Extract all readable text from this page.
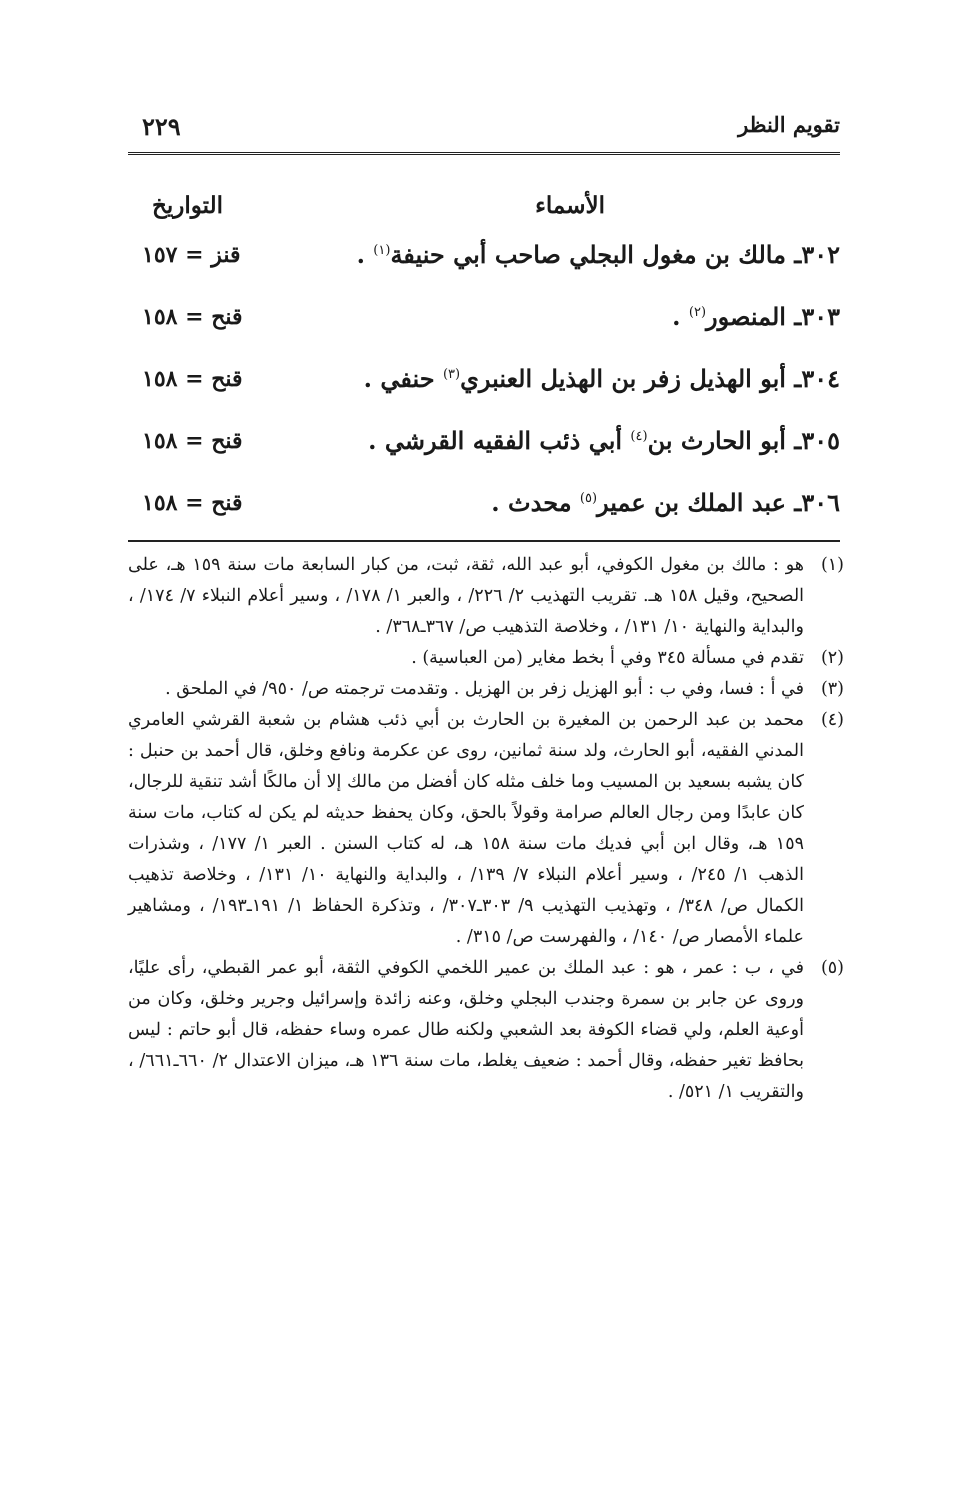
تقويم النظر
٢٢٩
الأسماء
التواريخ
٣٠٢ـ مالك بن مغول البجلي صاحب أبي حنيفة$^{(١)}$ .
قنز = ١٥٧
٣٠٣ـ المنصور$^{(٢)}$ .
قنح = ١٥٨
٣٠٤ـ أبو الهذيل زفر بن الهذيل العنبري$^{(٣)}$ حنفي .
قنح = ١٥٨
٣٠٥ـ أبو الحارث بن$^{(٤)}$ أبي ذئب الفقيه القرشي .
قنح = ١٥٨
٣٠٦ـ عبد الملك بن عمير$^{(٥)}$ محدث .
قنح = ١٥٨

(١)
هو : مالك بن مغول الكوفي، أبو عبد الله، ثقة، ثبت، من كبار السابعة مات سنة ١٥٩ هـ، على الصحيح، وقيل ١٥٨ هـ. تقريب التهذيب ٢/ ٢٢٦/ ، والعبر ١/ ١٧٨/ ، وسير أعلام النبلاء ٧/ ١٧٤/ ، والبداية والنهاية ١٠/ ١٣١/ ، وخلاصة التذهيب ص/ ٣٦٧ـ٣٦٨/ .

(٢)
تقدم في مسألة ٣٤٥ وفي أ بخط مغاير (من العباسية) .

(٣)
في أ : فسا، وفي ب : أبو الهزيل زفر بن الهزيل . وتقدمت ترجمته ص/ ٩٥٠/ في الملحق .

(٤)
محمد بن عبد الرحمن بن المغيرة بن الحارث بن أبي ذئب هشام بن شعبة القرشي العامري المدني الفقيه، أبو الحارث، ولد سنة ثمانين، روى عن عكرمة ونافع وخلق، قال أحمد بن حنبل : كان يشبه بسعيد بن المسيب وما خلف مثله كان أفضل من مالك إلا أن مالكًا أشد تنقية للرجال، كان عابدًا ومن رجال العالم صرامة وقولاً بالحق، وكان يحفظ حديثه لم يكن له كتاب، مات سنة ١٥٩ هـ، وقال ابن أبي فديك مات سنة ١٥٨ هـ، له كتاب السنن . العبر ١/ ١٧٧/ ، وشذرات الذهب ١/ ٢٤٥/ ، وسير أعلام النبلاء ٧/ ١٣٩/ ، والبداية والنهاية ١٠/ ١٣١/ ، وخلاصة تذهيب الكمال ص/ ٣٤٨/ ، وتهذيب التهذيب ٩/ ٣٠٣ـ٣٠٧/ ، وتذكرة الحفاظ ١/ ١٩١ـ١٩٣/ ، ومشاهير علماء الأمصار ص/ ١٤٠/ ، والفهرست ص/ ٣١٥/ .

(٥)
في ، ب : عمر ، هو : عبد الملك بن عمير اللخمي الكوفي الثقة، أبو عمر القبطي، رأى عليًا، وروى عن جابر بن سمرة وجندب البجلي وخلق، وعنه زائدة وإسرائيل وجرير وخلق، وكان من أوعية العلم، ولي قضاء الكوفة بعد الشعبي ولكنه طال عمره وساء حفظه، قال أبو حاتم : ليس بحافظ تغير حفظه، وقال أحمد : ضعيف يغلط، مات سنة ١٣٦ هـ، ميزان الاعتدال ٢/ ٦٦٠ـ٦٦١/ ، والتقريب ١/ ٥٢١/ .
